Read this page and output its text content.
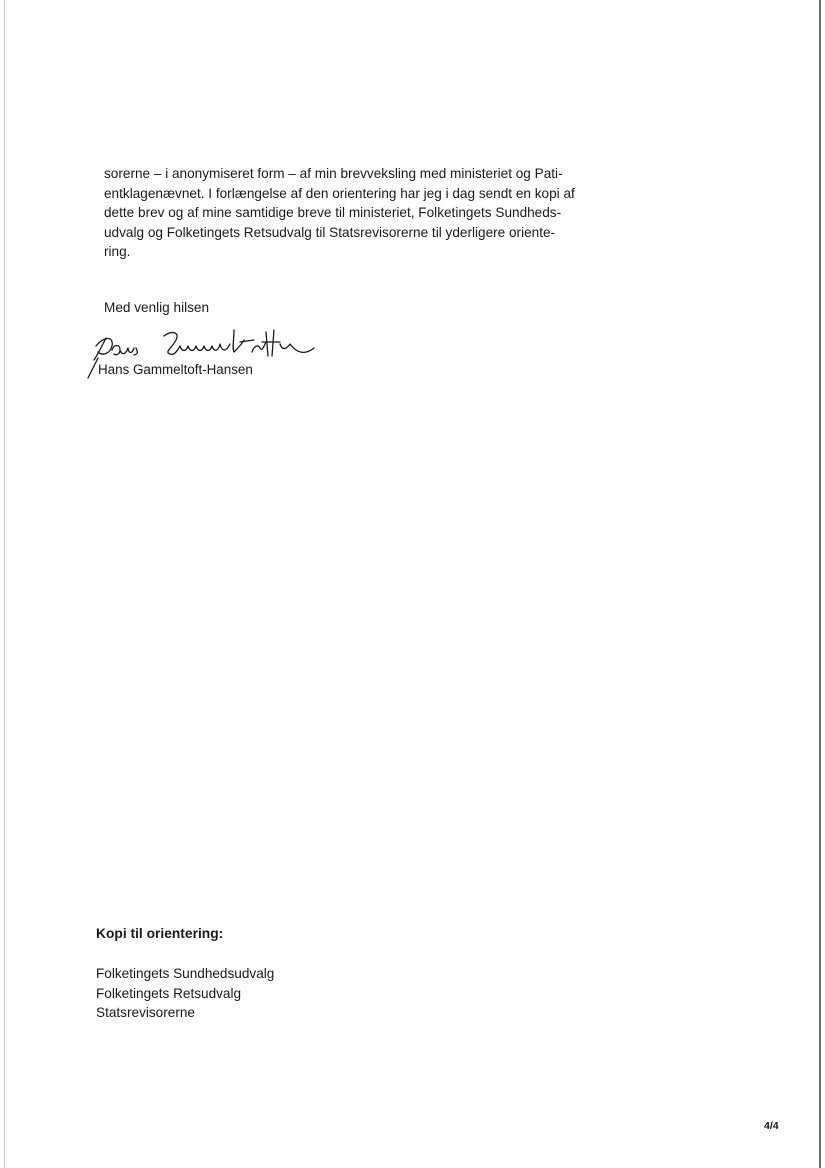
sorerne – i anonymiseret form – af min brevveksling med ministeriet og Pati-

entklagenævnet. I forlængelse af den orientering har jeg i dag sendt en kopi af

dette brev og af mine samtidige breve til ministeriet, Folketingets Sundheds-

udvalg og Folketingets Retsudvalg til Statsrevisorerne til yderligere oriente-

ring.

Med venlig hilsen

Hans Gammeltoft-Hansen

Kopi til orientering:

Folketingets Sundhedsudvalg
Folketingets Retsudvalg
Statsrevisorerne

4/4
